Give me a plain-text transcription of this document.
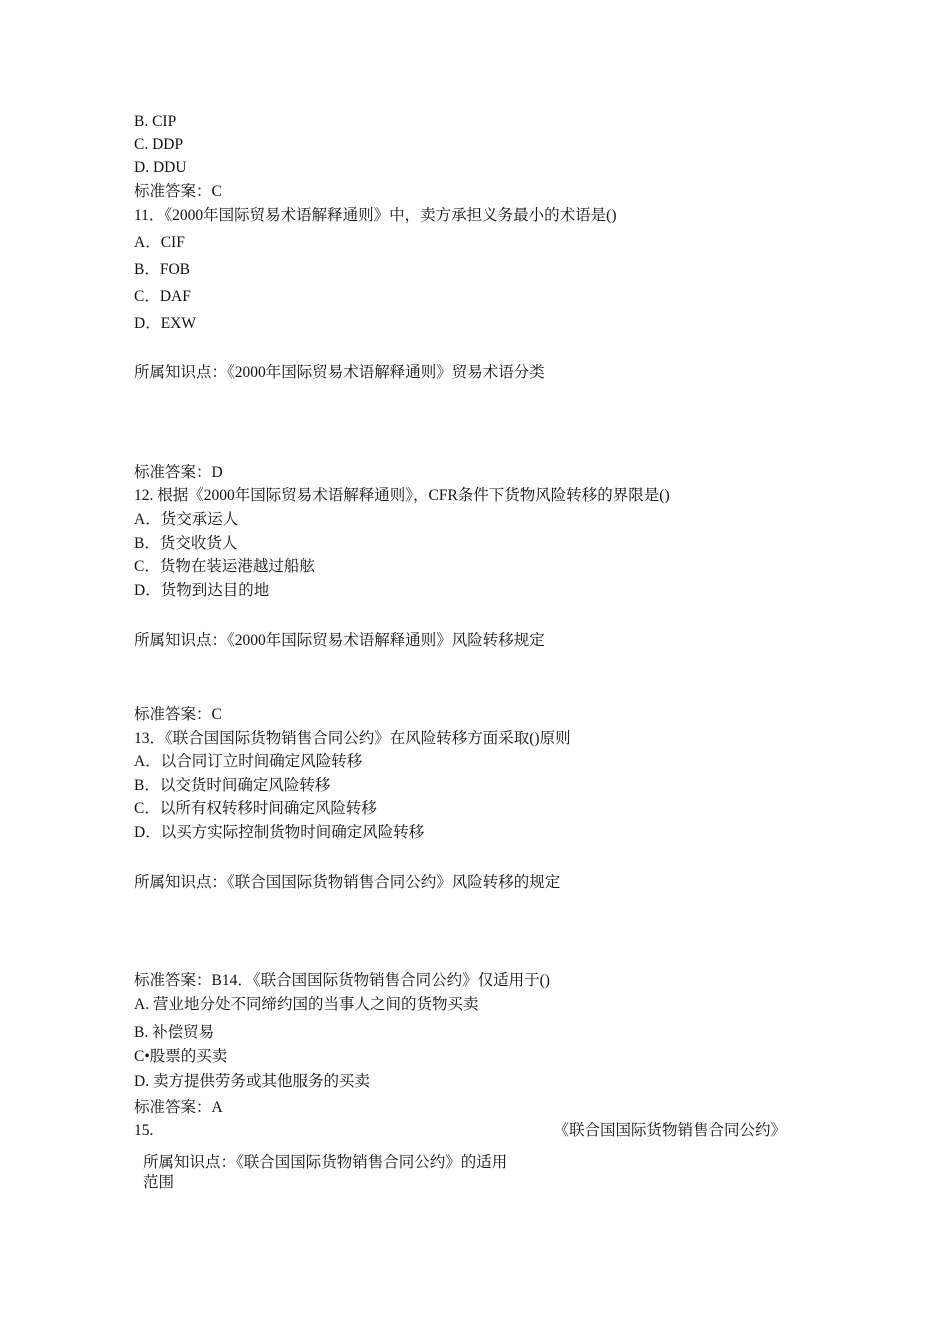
B. CIP
C. DDP
D. DDU
标准答案：C
11．《2000年国际贸易术语解释通则》中，卖方承担义务最小的术语是()
A．CIF
B．FOB
C．DAF
D．EXW
所属知识点：《2000年国际贸易术语解释通则》贸易术语分类
标准答案：D
12. 根据《2000年国际贸易术语解释通则》，CFR条件下货物风险转移的界限是()
A．货交承运人
B．货交收货人
C．货物在装运港越过船舷
D．货物到达目的地
所属知识点：《2000年国际贸易术语解释通则》风险转移规定
标准答案：C
13．《联合国国际货物销售合同公约》在风险转移方面采取()原则
A．以合同订立时间确定风险转移
B．以交货时间确定风险转移
C．以所有权转移时间确定风险转移
D．以买方实际控制货物时间确定风险转移
所属知识点：《联合国国际货物销售合同公约》风险转移的规定
标准答案：B14．《联合国国际货物销售合同公约》仅适用于()
A. 营业地分处不同缔约国的当事人之间的货物买卖
B. 补偿贸易
C•股票的买卖
D. 卖方提供劳务或其他服务的买卖
标准答案：A
15.	《联合国国际货物销售合同公约》
所属知识点：《联合国国际货物销售合同公约》的适用
范围
